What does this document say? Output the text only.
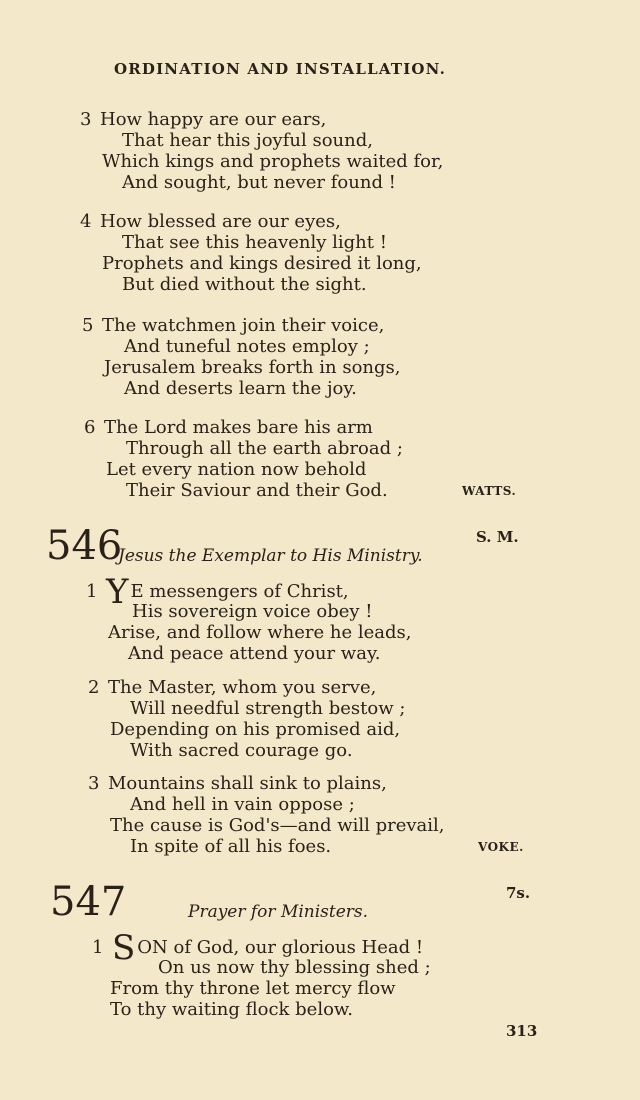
ORDINATION AND INSTALLATION.
3 How happy are our ears,
That hear this joyful sound,
Which kings and prophets waited for,
And sought, but never found !
4 How blessed are our eyes,
That see this heavenly light !
Prophets and kings desired it long,
But died without the sight.
5 The watchmen join their voice,
And tuneful notes employ ;
Jerusalem breaks forth in songs,
And deserts learn the joy.
6 The Lord makes bare his arm
Through all the earth abroad ;
Let every nation now behold
Their Saviour and their God.	WATTS.
546	S. M.
Jesus the Exemplar to His Ministry.
1 Y E messengers of Christ,
His sovereign voice obey !
Arise, and follow where he leads,
And peace attend your way.
2 The Master, whom you serve,
Will needful strength bestow ;
Depending on his promised aid,
With sacred courage go.
3 Mountains shall sink to plains,
And hell in vain oppose ;
The cause is God's—and will prevail,
In spite of all his foes.	VOKE.
547	7s.
Prayer for Ministers.
1 S ON of God, our glorious Head !
On us now thy blessing shed ;
From thy throne let mercy flow
To thy waiting flock below.
313
